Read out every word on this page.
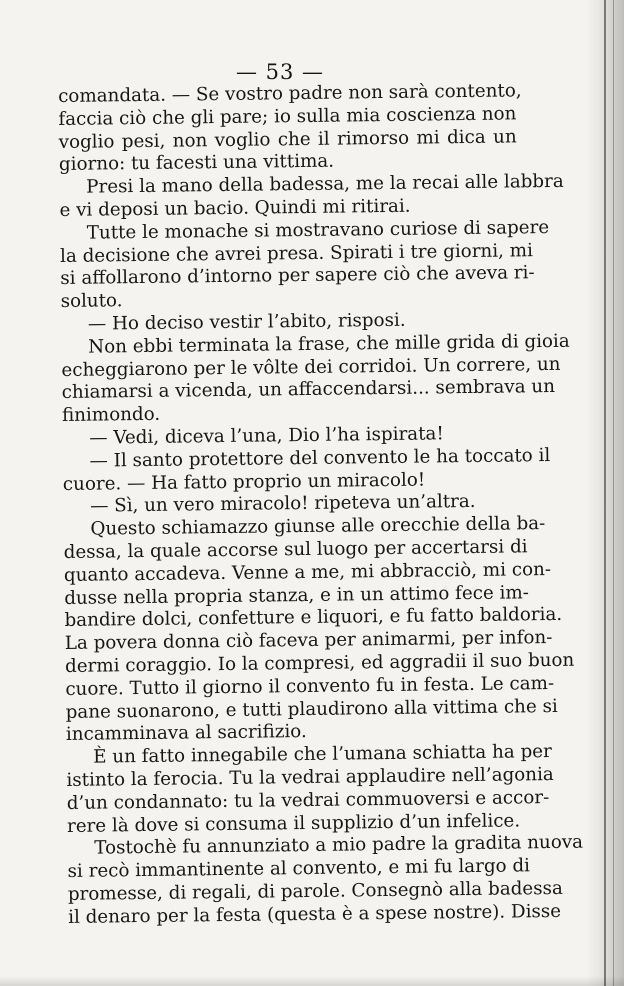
— 53 —
comandata. — Se vostro padre non sarà contento,
faccia ciò che gli pare; io sulla mia coscienza non
voglio pesi, non voglio che il rimorso mi dica un
giorno: tu facesti una vittima.
Presi la mano della badessa, me la recai alle labbra
e vi deposi un bacio. Quindi mi ritirai.
Tutte le monache si mostravano curiose di sapere
la decisione che avrei presa. Spirati i tre giorni, mi
si affollarono d’intorno per sapere ciò che aveva ri-
soluto.
— Ho deciso vestir l’abito, risposi.
Non ebbi terminata la frase, che mille grida di gioia
echeggiarono per le vôlte dei corridoi. Un correre, un
chiamarsi a vicenda, un affaccendarsi... sembrava un
finimondo.
— Vedi, diceva l’una, Dio l’ha ispirata!
— Il santo protettore del convento le ha toccato il
cuore. — Ha fatto proprio un miracolo!
— Sì, un vero miracolo! ripeteva un’altra.
Questo schiamazzo giunse alle orecchie della ba-
dessa, la quale accorse sul luogo per accertarsi di
quanto accadeva. Venne a me, mi abbracciò, mi con-
dusse nella propria stanza, e in un attimo fece im-
bandire dolci, confetture e liquori, e fu fatto baldoria.
La povera donna ciò faceva per animarmi, per infon-
dermi coraggio. Io la compresi, ed aggradii il suo buon
cuore. Tutto il giorno il convento fu in festa. Le cam-
pane suonarono, e tutti plaudirono alla vittima che si
incamminava al sacrifizio.
È un fatto innegabile che l’umana schiatta ha per
istinto la ferocia. Tu la vedrai applaudire nell’agonia
d’un condannato: tu la vedrai commuoversi e accor-
rere là dove si consuma il supplizio d’un infelice.
Tostochè fu annunziato a mio padre la gradita nuova
si recò immantinente al convento, e mi fu largo di
promesse, di regali, di parole. Consegnò alla badessa
il denaro per la festa (questa è a spese nostre). Disse
